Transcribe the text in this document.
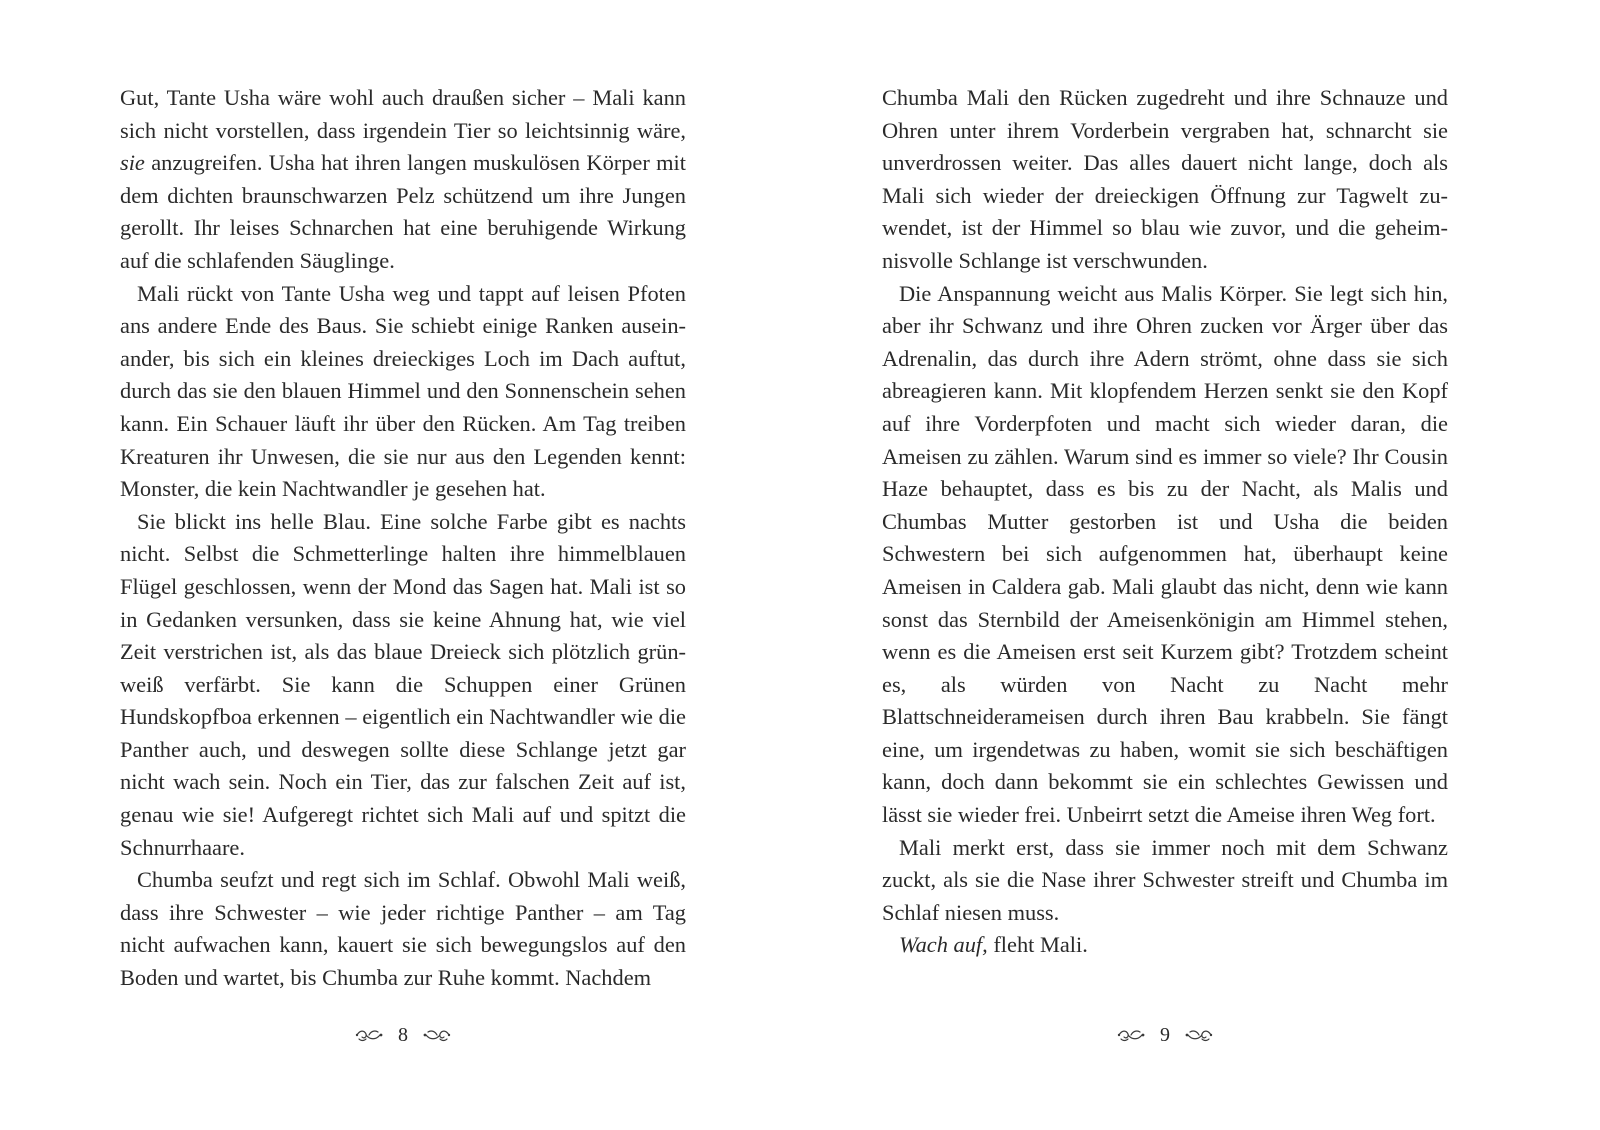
Gut, Tante Usha wäre wohl auch draußen sicher – Mali kann sich nicht vorstellen, dass irgendein Tier so leichtsinnig wäre, sie anzugreifen. Usha hat ihren langen muskulösen Körper mit dem dichten braunschwarzen Pelz schützend um ihre Jungen gerollt. Ihr leises Schnarchen hat eine beruhigende Wirkung auf die schlafenden Säuglinge.

Mali rückt von Tante Usha weg und tappt auf leisen Pfoten ans andere Ende des Baus. Sie schiebt einige Ranken auseinander, bis sich ein kleines dreieckiges Loch im Dach auftut, durch das sie den blauen Himmel und den Sonnenschein sehen kann. Ein Schauer läuft ihr über den Rücken. Am Tag treiben Kreaturen ihr Unwesen, die sie nur aus den Legenden kennt: Monster, die kein Nachtwandler je gesehen hat.

Sie blickt ins helle Blau. Eine solche Farbe gibt es nachts nicht. Selbst die Schmetterlinge halten ihre himmelblauen Flügel geschlossen, wenn der Mond das Sagen hat. Mali ist so in Gedanken versunken, dass sie keine Ahnung hat, wie viel Zeit verstrichen ist, als das blaue Dreieck sich plötzlich grün-weiß verfärbt. Sie kann die Schuppen einer Grünen Hundskopfboa erkennen – eigentlich ein Nachtwandler wie die Panther auch, und deswegen sollte diese Schlange jetzt gar nicht wach sein. Noch ein Tier, das zur falschen Zeit auf ist, genau wie sie! Aufgeregt richtet sich Mali auf und spitzt die Schnurrhaare.

Chumba seufzt und regt sich im Schlaf. Obwohl Mali weiß, dass ihre Schwester – wie jeder richtige Panther – am Tag nicht aufwachen kann, kauert sie sich bewegungslos auf den Boden und wartet, bis Chumba zur Ruhe kommt. Nachdem

8

Chumba Mali den Rücken zugedreht und ihre Schnauze und Ohren unter ihrem Vorderbein vergraben hat, schnarcht sie unverdrossen weiter. Das alles dauert nicht lange, doch als Mali sich wieder der dreieckigen Öffnung zur Tagwelt zuwendet, ist der Himmel so blau wie zuvor, und die geheimnisvolle Schlange ist verschwunden.

Die Anspannung weicht aus Malis Körper. Sie legt sich hin, aber ihr Schwanz und ihre Ohren zucken vor Ärger über das Adrenalin, das durch ihre Adern strömt, ohne dass sie sich abreagieren kann. Mit klopfendem Herzen senkt sie den Kopf auf ihre Vorderpfoten und macht sich wieder daran, die Ameisen zu zählen. Warum sind es immer so viele? Ihr Cousin Haze behauptet, dass es bis zu der Nacht, als Malis und Chumbas Mutter gestorben ist und Usha die beiden Schwestern bei sich aufgenommen hat, überhaupt keine Ameisen in Caldera gab. Mali glaubt das nicht, denn wie kann sonst das Sternbild der Ameisenkönigin am Himmel stehen, wenn es die Ameisen erst seit Kurzem gibt? Trotzdem scheint es, als würden von Nacht zu Nacht mehr Blattschneiderameisen durch ihren Bau krabbeln. Sie fängt eine, um irgendetwas zu haben, womit sie sich beschäftigen kann, doch dann bekommt sie ein schlechtes Gewissen und lässt sie wieder frei. Unbeirrt setzt die Ameise ihren Weg fort.

Mali merkt erst, dass sie immer noch mit dem Schwanz zuckt, als sie die Nase ihrer Schwester streift und Chumba im Schlaf niesen muss.

Wach auf, fleht Mali.

9
